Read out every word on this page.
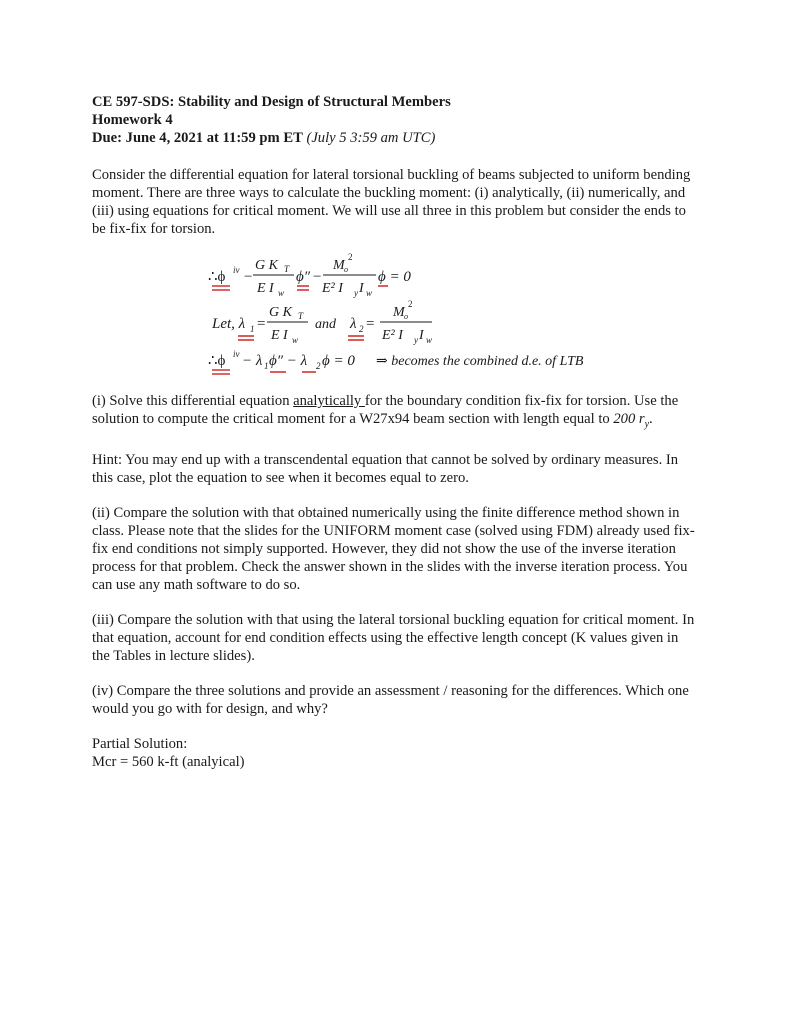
CE 597-SDS: Stability and Design of Structural Members
Homework 4
Due: June 4, 2021 at 11:59 pm ET (July 5 3:59 am UTC)

Consider the differential equation for lateral torsional buckling of beams subjected to uniform bending moment. There are three ways to calculate the buckling moment: (i) analytically, (ii) numerically, and (iii) using equations for critical moment. We will use all three in this problem but consider the ends to be fix-fix for torsion.

(i) Solve this differential equation analytically for the boundary condition fix-fix for torsion. Use the solution to compute the critical moment for a W27x94 beam section with length equal to 200 $r_y$.

Hint: You may end up with a transcendental equation that cannot be solved by ordinary measures. In this case, plot the equation to see when it becomes equal to zero.

(ii) Compare the solution with that obtained numerically using the finite difference method shown in class. Please note that the slides for the UNIFORM moment case (solved using FDM) already used fix-fix end conditions not simply supported. However, they did not show the use of the inverse iteration process for that problem. Check the answer shown in the slides with the inverse iteration process. You can use any math software to do so.

(iii) Compare the solution with that using the lateral torsional buckling equation for critical moment. In that equation, account for end condition effects using the effective length concept (K values given in the Tables in lecture slides).

(iv) Compare the three solutions and provide an assessment / reasoning for the differences. Which one would you go with for design, and why?

Partial Solution:

Mcr = 560 k-ft (analyical)

∴ϕ iv −
G K T
E I w
ϕ″ −
M o
2
E² I y I w
ϕ = 0
Let, λ 1 =
G K T
E I w
and λ 2 =
M o
2
E² I y I w
∴ϕ iv − λ 1 ϕ″ − λ 2 ϕ = 0 ⇒ becomes the combined d.e. of LTB
